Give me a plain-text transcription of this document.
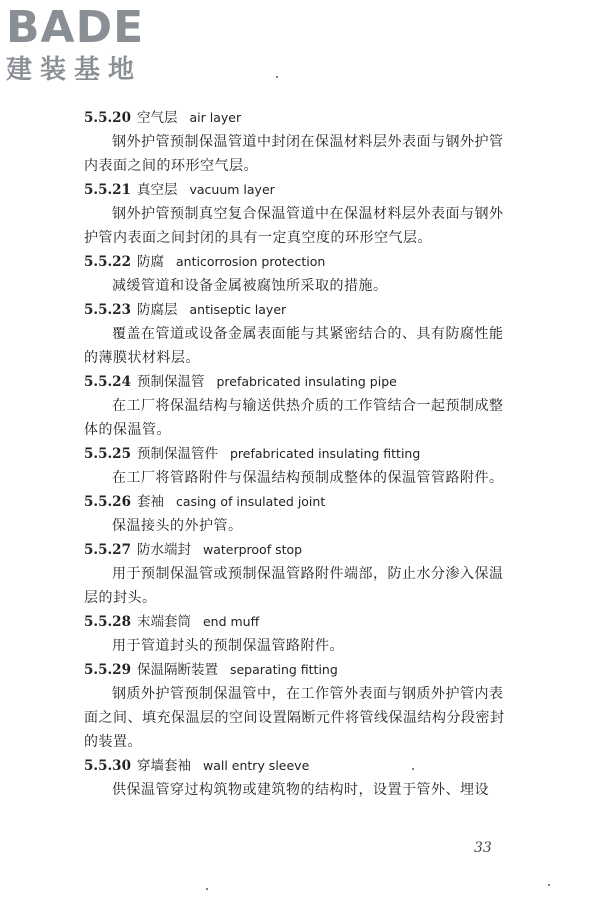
BADE
建装基地
5.5.20 空气层 air layer

钢外护管预制保温管道中封闭在保温材料层外表面与钢外护管内表面之间的环形空气层。

5.5.21 真空层 vacuum layer

钢外护管预制真空复合保温管道中在保温材料层外表面与钢外护管内表面之间封闭的具有一定真空度的环形空气层。

5.5.22 防腐 anticorrosion protection

减缓管道和设备金属被腐蚀所采取的措施。

5.5.23 防腐层 antiseptic layer

覆盖在管道或设备金属表面能与其紧密结合的、具有防腐性能的薄膜状材料层。

5.5.24 预制保温管 prefabricated insulating pipe

在工厂将保温结构与输送供热介质的工作管结合一起预制成整体的保温管。

5.5.25 预制保温管件 prefabricated insulating fitting

在工厂将管路附件与保温结构预制成整体的保温管管路附件。

5.5.26 套袖 casing of insulated joint

保温接头的外护管。

5.5.27 防水端封 waterproof stop

用于预制保温管或预制保温管路附件端部，防止水分渗入保温层的封头。

5.5.28 末端套筒 end muff

用于管道封头的预制保温管路附件。

5.5.29 保温隔断装置 separating fitting

钢质外护管预制保温管中，在工作管外表面与钢质外护管内表面之间、填充保温层的空间设置隔断元件将管线保温结构分段密封的装置。

5.5.30 穿墙套袖 wall entry sleeve

供保温管穿过构筑物或建筑物的结构时，设置于管外、埋设

33
